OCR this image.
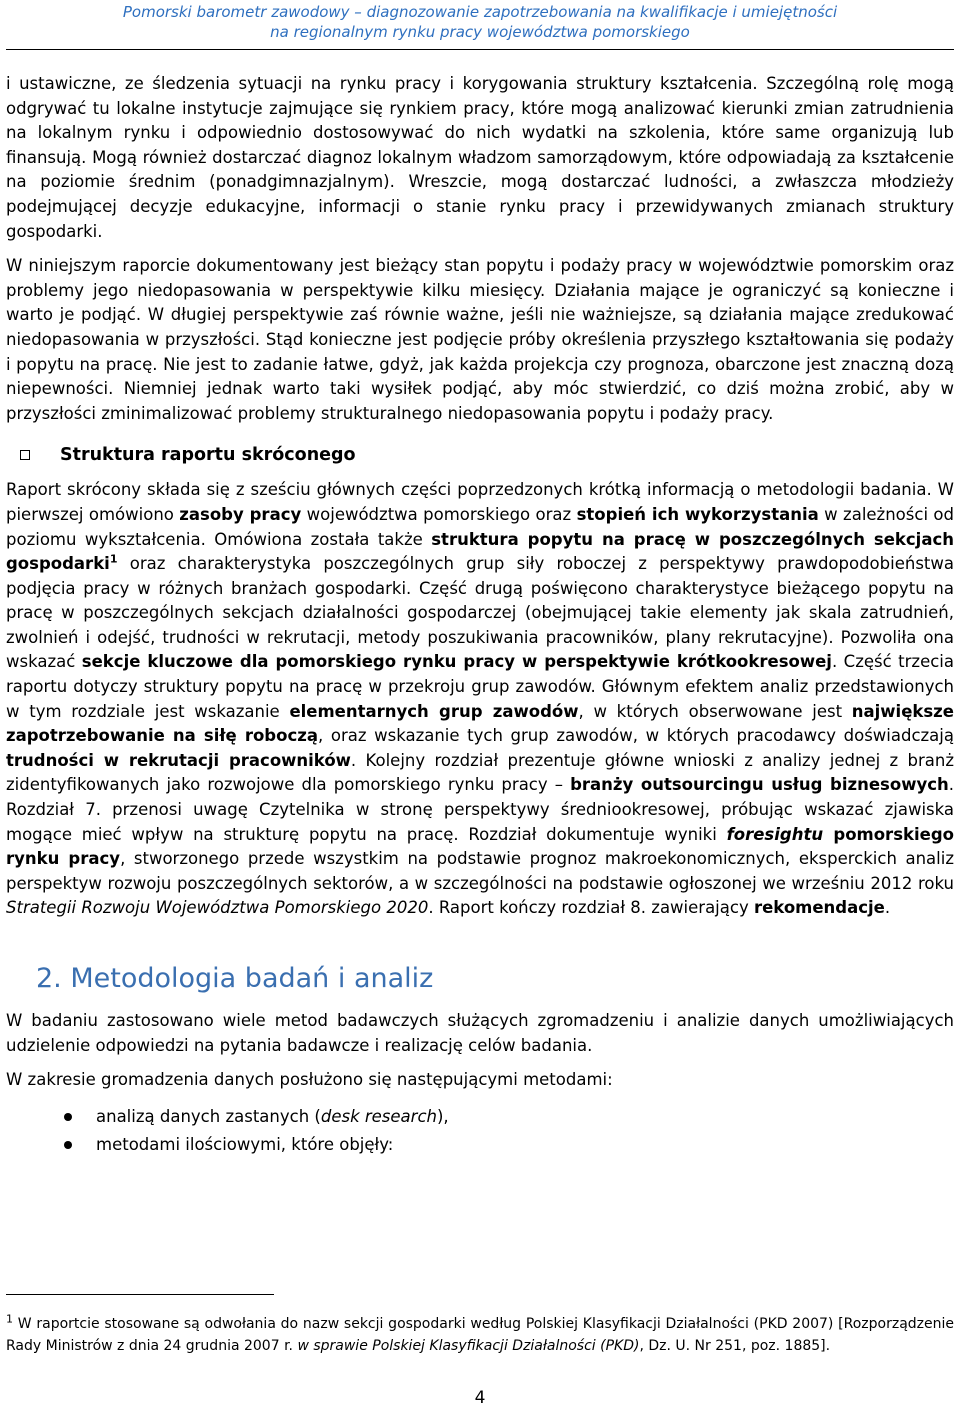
Pomorski barometr zawodowy – diagnozowanie zapotrzebowania na kwalifikacje i umiejętności
na regionalnym rynku pracy województwa pomorskiego

i ustawiczne, ze śledzenia sytuacji na rynku pracy i korygowania struktury kształcenia. Szczególną rolę mogą odgrywać tu lokalne instytucje zajmujące się rynkiem pracy, które mogą analizować kierunki zmian zatrudnienia na lokalnym rynku i odpowiednio dostosowywać do nich wydatki na szkolenia, które same organizują lub finansują. Mogą również dostarczać diagnoz lokalnym władzom samorządowym, które odpowiadają za kształcenie na poziomie średnim (ponadgimnazjalnym). Wreszcie, mogą dostarczać ludności, a zwłaszcza młodzieży podejmującej decyzje edukacyjne, informacji o stanie rynku pracy i przewidywanych zmianach struktury gospodarki.

W niniejszym raporcie dokumentowany jest bieżący stan popytu i podaży pracy w województwie pomorskim oraz problemy jego niedopasowania w perspektywie kilku miesięcy. Działania mające je ograniczyć są konieczne i warto je podjąć. W długiej perspektywie zaś równie ważne, jeśli nie ważniejsze, są działania mające zredukować niedopasowania w przyszłości. Stąd konieczne jest podjęcie próby określenia przyszłego kształtowania się podaży i popytu na pracę. Nie jest to zadanie łatwe, gdyż, jak każda projekcja czy prognoza, obarczone jest znaczną dozą niepewności. Niemniej jednak warto taki wysiłek podjąć, aby móc stwierdzić, co dziś można zrobić, aby w przyszłości zminimalizować problemy strukturalnego niedopasowania popytu i podaży pracy.

Struktura raportu skróconego

Raport skrócony składa się z sześciu głównych części poprzedzonych krótką informacją o metodologii badania. W pierwszej omówiono zasoby pracy województwa pomorskiego oraz stopień ich wykorzystania w zależności od poziomu wykształcenia. Omówiona została także struktura popytu na pracę w poszczególnych sekcjach gospodarki$^1$ oraz charakterystyka poszczególnych grup siły roboczej z perspektywy prawdopodobieństwa podjęcia pracy w różnych branżach gospodarki. Część drugą poświęcono charakterystyce bieżącego popytu na pracę w poszczególnych sekcjach działalności gospodarczej (obejmującej takie elementy jak skala zatrudnień, zwolnień i odejść, trudności w rekrutacji, metody poszukiwania pracowników, plany rekrutacyjne). Pozwoliła ona wskazać sekcje kluczowe dla pomorskiego rynku pracy w perspektywie krótkookresowej. Część trzecia raportu dotyczy struktury popytu na pracę w przekroju grup zawodów. Głównym efektem analiz przedstawionych w tym rozdziale jest wskazanie elementarnych grup zawodów, w których obserwowane jest największe zapotrzebowanie na siłę roboczą, oraz wskazanie tych grup zawodów, w których pracodawcy doświadczają trudności w rekrutacji pracowników. Kolejny rozdział prezentuje główne wnioski z analizy jednej z branż zidentyfikowanych jako rozwojowe dla pomorskiego rynku pracy – branży outsourcingu usług biznesowych. Rozdział 7. przenosi uwagę Czytelnika w stronę perspektywy średniookresowej, próbując wskazać zjawiska mogące mieć wpływ na strukturę popytu na pracę. Rozdział dokumentuje wyniki foresightu pomorskiego rynku pracy, stworzonego przede wszystkim na podstawie prognoz makroekonomicznych, eksperckich analiz perspektyw rozwoju poszczególnych sektorów, a w szczególności na podstawie ogłoszonej we wrześniu 2012 roku Strategii Rozwoju Województwa Pomorskiego 2020. Raport kończy rozdział 8. zawierający rekomendacje.

2. Metodologia badań i analiz

W badaniu zastosowano wiele metod badawczych służących zgromadzeniu i analizie danych umożliwiających udzielenie odpowiedzi na pytania badawcze i realizację celów badania.

W zakresie gromadzenia danych posłużono się następującymi metodami:

analizą danych zastanych (desk research),
metodami ilościowymi, które objęły:
$^1$ W raportcie stosowane są odwołania do nazw sekcji gospodarki według Polskiej Klasyfikacji Działalności (PKD 2007) [Rozporządzenie Rady Ministrów z dnia 24 grudnia 2007 r. w sprawie Polskiej Klasyfikacji Działalności (PKD), Dz. U. Nr 251, poz. 1885].
4
